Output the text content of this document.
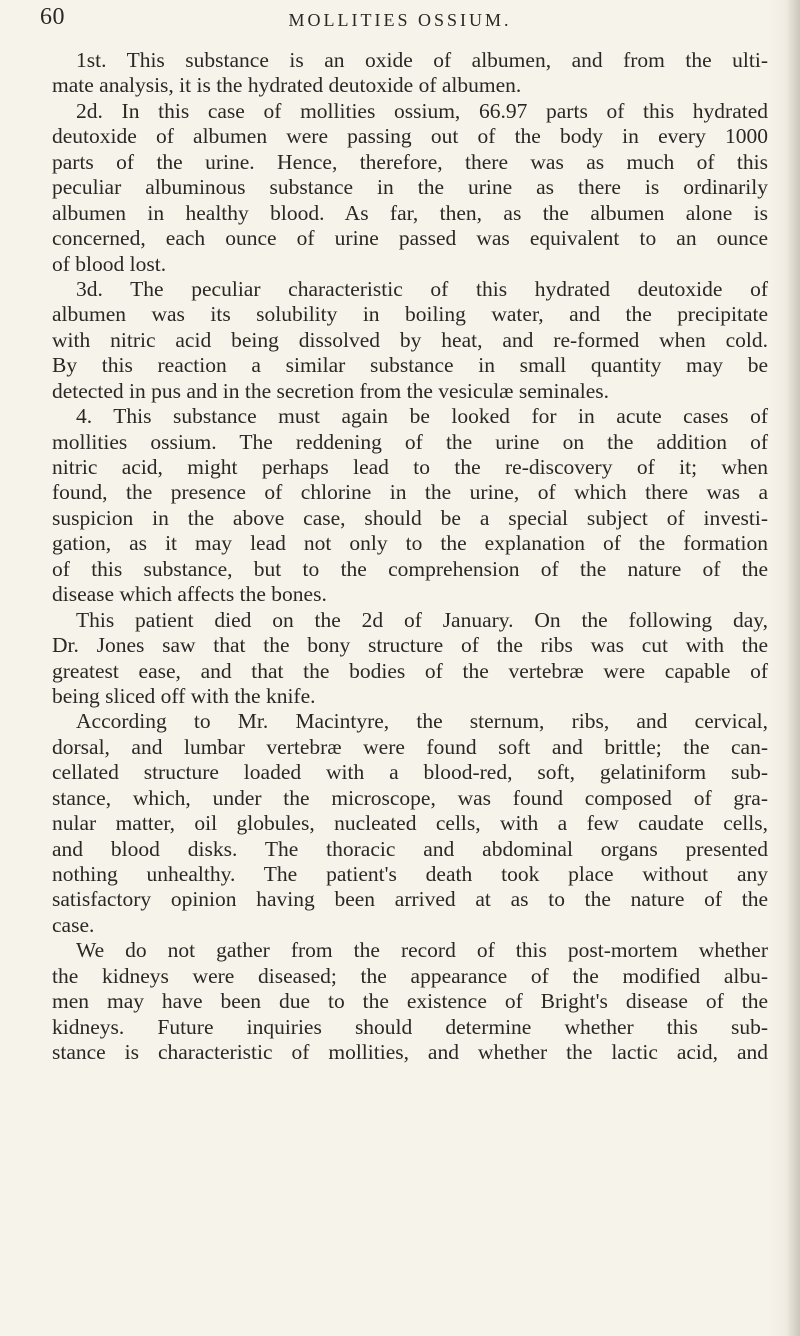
60	MOLLITIES OSSIUM.
1st. This substance is an oxide of albumen, and from the ulti-
mate analysis, it is the hydrated deutoxide of albumen.
2d. In this case of mollities ossium, 66.97 parts of this hydrated
deutoxide of albumen were passing out of the body in every 1000
parts of the urine. Hence, therefore, there was as much of this
peculiar albuminous substance in the urine as there is ordinarily
albumen in healthy blood. As far, then, as the albumen alone is
concerned, each ounce of urine passed was equivalent to an ounce
of blood lost.
3d. The peculiar characteristic of this hydrated deutoxide of
albumen was its solubility in boiling water, and the precipitate
with nitric acid being dissolved by heat, and re-formed when cold.
By this reaction a similar substance in small quantity may be
detected in pus and in the secretion from the vesiculæ seminales.
4. This substance must again be looked for in acute cases of
mollities ossium. The reddening of the urine on the addition of
nitric acid, might perhaps lead to the re-discovery of it; when
found, the presence of chlorine in the urine, of which there was a
suspicion in the above case, should be a special subject of investi-
gation, as it may lead not only to the explanation of the formation
of this substance, but to the comprehension of the nature of the
disease which affects the bones.
This patient died on the 2d of January. On the following day,
Dr. Jones saw that the bony structure of the ribs was cut with the
greatest ease, and that the bodies of the vertebræ were capable of
being sliced off with the knife.
According to Mr. Macintyre, the sternum, ribs, and cervical,
dorsal, and lumbar vertebræ were found soft and brittle; the can-
cellated structure loaded with a blood-red, soft, gelatiniform sub-
stance, which, under the microscope, was found composed of gra-
nular matter, oil globules, nucleated cells, with a few caudate cells,
and blood disks. The thoracic and abdominal organs presented
nothing unhealthy. The patient's death took place without any
satisfactory opinion having been arrived at as to the nature of the
case.
We do not gather from the record of this post-mortem whether
the kidneys were diseased; the appearance of the modified albu-
men may have been due to the existence of Bright's disease of the
kidneys. Future inquiries should determine whether this sub-
stance is characteristic of mollities, and whether the lactic acid, and
